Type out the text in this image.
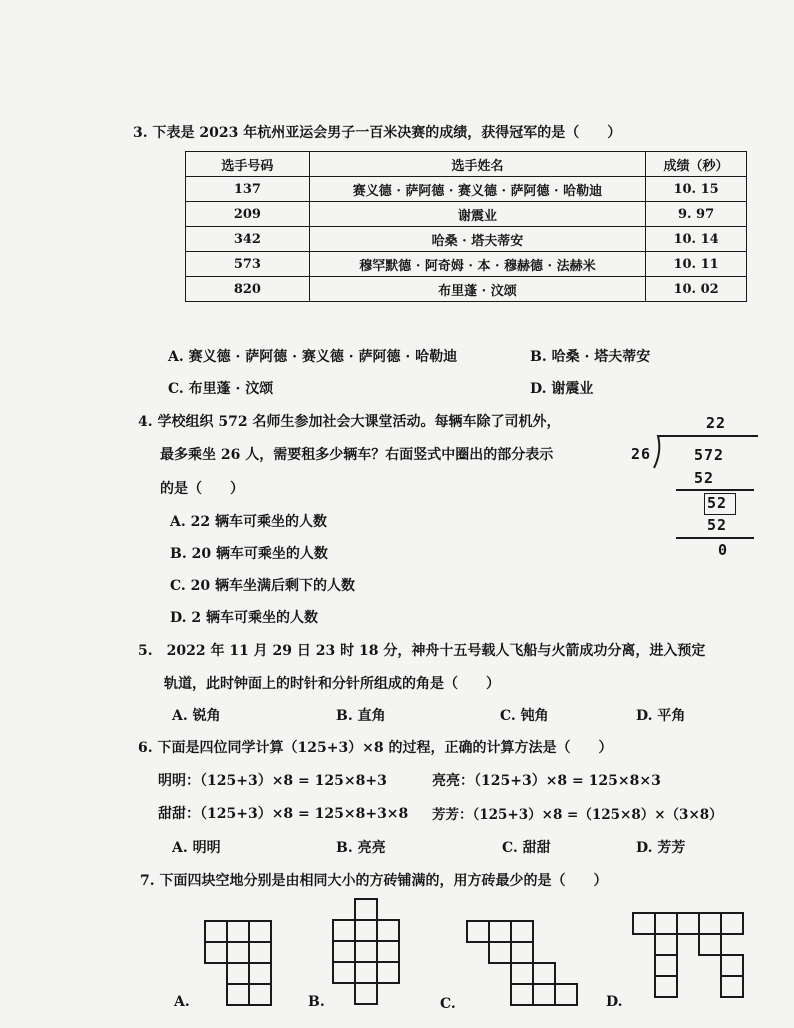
3. 下表是 2023 年杭州亚运会男子一百米决赛的成绩，获得冠军的是（　　）
选手号码	选手姓名	成绩（秒）
137	赛义德 · 萨阿德 · 赛义德 · 萨阿德 · 哈勒迪	10. 15
209	谢震业	9. 97
342	哈桑 · 塔夫蒂安	10. 14
573	穆罕默德 · 阿奇姆 · 本 · 穆赫德 · 法赫米	10. 11
820	布里蓬 · 汶颂	10. 02
A. 赛义德 · 萨阿德 · 赛义德 · 萨阿德 · 哈勒迪	B. 哈桑 · 塔夫蒂安
C. 布里蓬 · 汶颂	D. 谢震业
4. 学校组织 572 名师生参加社会大课堂活动。每辆车除了司机外，
最多乘坐 26 人，需要租多少辆车？右面竖式中圈出的部分表示
的是（　　）
A. 22 辆车可乘坐的人数
B. 20 辆车可乘坐的人数
C. 20 辆车坐满后剩下的人数
D. 2 辆车可乘坐的人数
22
26	572
52
52
52
0
5.　2022 年 11 月 29 日 23 时 18 分，神舟十五号载人飞船与火箭成功分离，进入预定
轨道，此时钟面上的时针和分针所组成的角是（　　）
A. 锐角	B. 直角	C. 钝角	D. 平角
6. 下面是四位同学计算（125+3）×8 的过程，正确的计算方法是（　　）
明明：（125+3）×8 = 125×8+3	亮亮：（125+3）×8 = 125×8×3
甜甜：（125+3）×8 = 125×8+3×8 芳芳：（125+3）×8 =（125×8）×（3×8）
A. 明明	B. 亮亮	C. 甜甜	D. 芳芳
7. 下面四块空地分别是由相同大小的方砖铺满的，用方砖最少的是（　　）
A.	B.	C.	D.
